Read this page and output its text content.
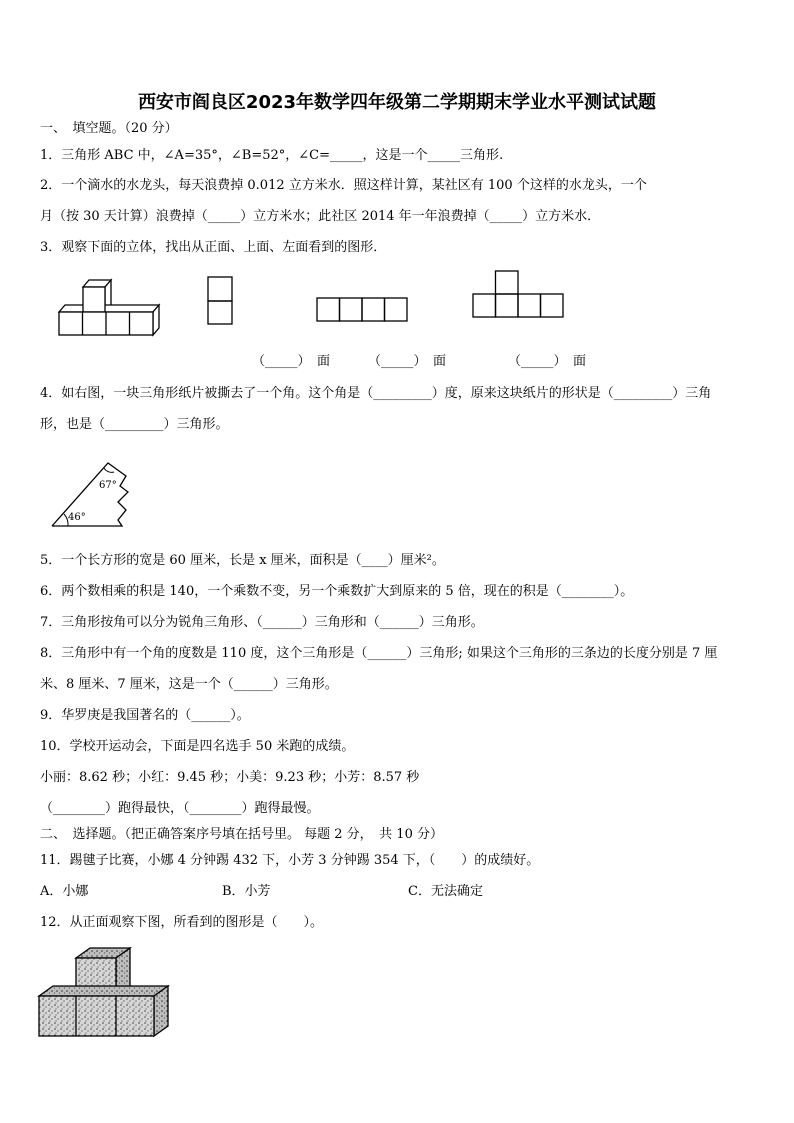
西安市阎良区2023年数学四年级第二学期期末学业水平测试试题
一、　填空题。（20 分）
1．三角形 ABC 中，∠A=35°，∠B=52°，∠C=_____，这是一个_____三角形.
2．一个滴水的水龙头，每天浪费掉 0.012 立方米水．照这样计算，某社区有 100 个这样的水龙头，一个
月（按 30 天计算）浪费掉（_____）立方米水；此社区 2014 年一年浪费掉（_____）立方米水．
3．观察下面的立体，找出从正面、上面、左面看到的图形．
（_____）　面	（_____）　面	（_____）　面
4．如右图，一块三角形纸片被撕去了一个角。这个角是（_________）度，原来这块纸片的形状是（_________）三角
形，也是（_________）三角形。
67°
46°
5．一个长方形的宽是 60 厘米，长是 x 厘米，面积是（____）厘米²。
6．两个数相乘的积是 140，一个乘数不变，另一个乘数扩大到原来的 5 倍，现在的积是（________）。
7．三角形按角可以分为锐角三角形、（______）三角形和（______）三角形。
8．三角形中有一个角的度数是 110 度，这个三角形是（______）三角形; 如果这个三角形的三条边的长度分别是 7 厘
米、8 厘米、7 厘米，这是一个（______）三角形。
9．华罗庚是我国著名的（______）。
10．学校开运动会，下面是四名选手 50 米跑的成绩。
小丽：8.62 秒；小红：9.45 秒；小美：9.23 秒；小芳：8.57 秒
（________）跑得最快，（________）跑得最慢。
二、　选择题。（把正确答案序号填在括号里。 每题 2 分，　共 10 分）
11．踢毽子比赛，小娜 4 分钟踢 432 下，小芳 3 分钟踢 354 下，（　　）的成绩好。
A．小娜	B．小芳	C．无法确定
12．从正面观察下图，所看到的图形是（　　）。
